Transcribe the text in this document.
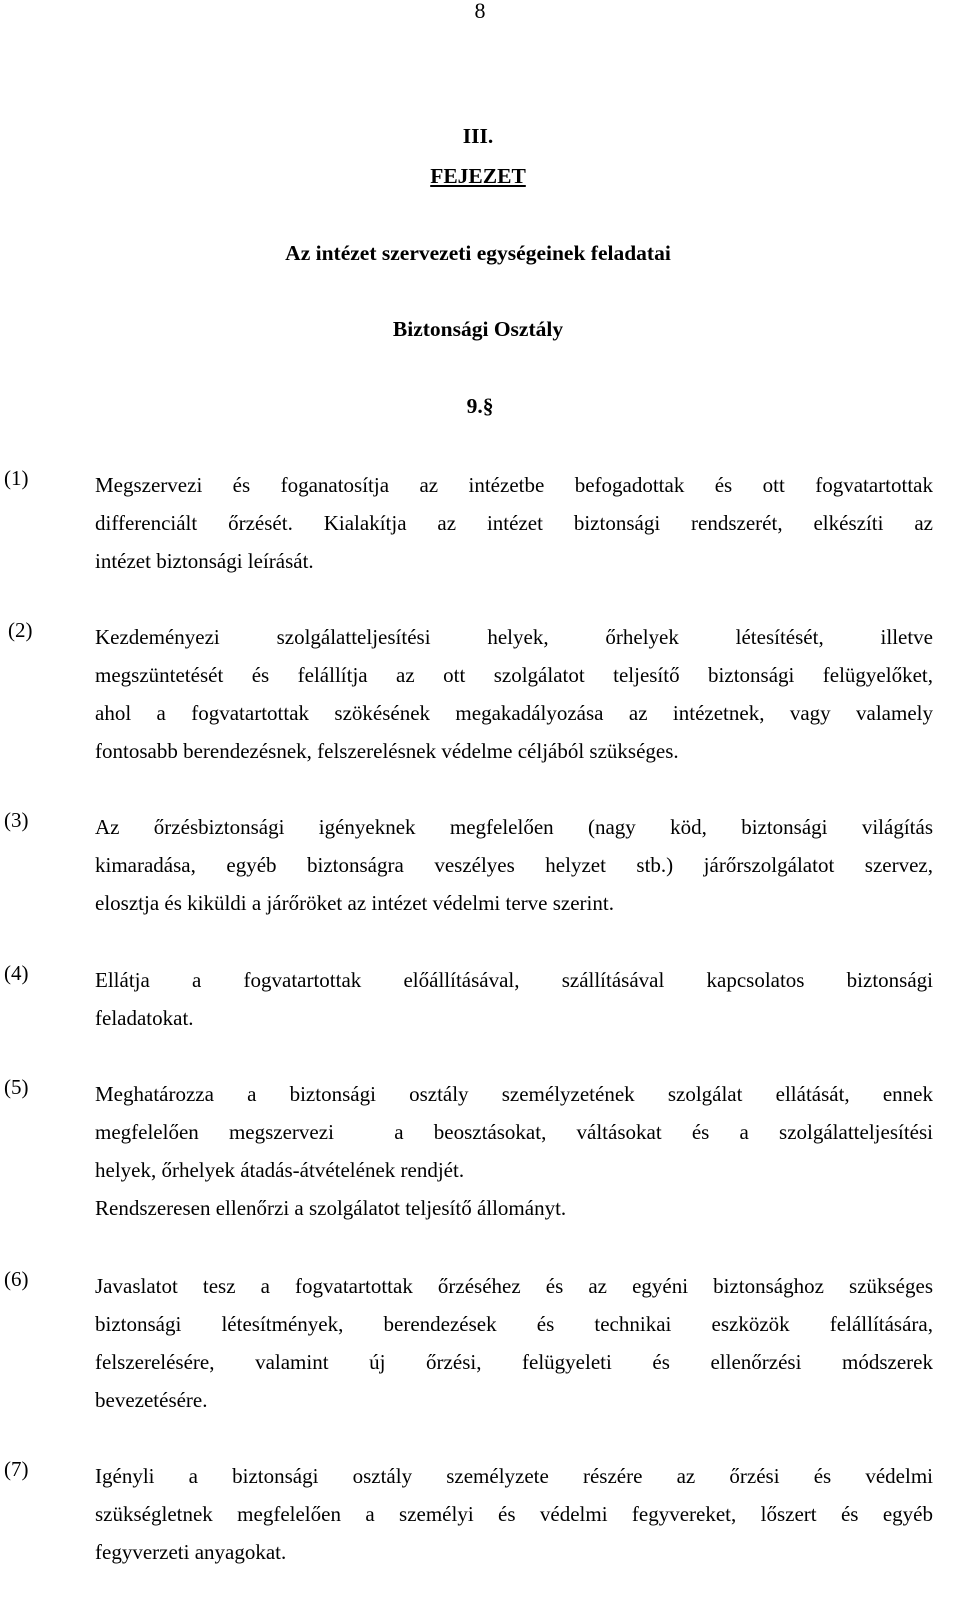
8
III.
FEJEZET
Az intézet szervezeti egységeinek feladatai
Biztonsági Osztály
9.§
(1)	Megszervezi és foganatosítja az intézetbe befogadottak és ott fogvatartottak
differenciált őrzését. Kialakítja az intézet biztonsági rendszerét, elkészíti az
intézet biztonsági leírását.
(2)	Kezdeményezi szolgálatteljesítési helyek, őrhelyek létesítését, illetve
megszüntetését és felállítja az ott szolgálatot teljesítő biztonsági felügyelőket,
ahol a fogvatartottak szökésének megakadályozása az intézetnek, vagy valamely
fontosabb berendezésnek, felszerelésnek védelme céljából szükséges.
(3)	Az őrzésbiztonsági igényeknek megfelelően (nagy köd, biztonsági világítás
kimaradása, egyéb biztonságra veszélyes helyzet stb.) járőrszolgálatot szervez,
elosztja és kiküldi a járőröket az intézet védelmi terve szerint.
(4)	Ellátja a fogvatartottak előállításával, szállításával kapcsolatos biztonsági
feladatokat.
(5)	Meghatározza a biztonsági osztály személyzetének szolgálat ellátását, ennek
megfelelően megszervezi  a beosztásokat, váltásokat és a szolgálatteljesítési
helyek, őrhelyek átadás-átvételének rendjét.
Rendszeresen ellenőrzi a szolgálatot teljesítő állományt.
(6)	Javaslatot tesz a fogvatartottak őrzéséhez és az egyéni biztonsághoz szükséges
biztonsági létesítmények, berendezések és technikai eszközök felállítására,
felszerelésére, valamint új őrzési, felügyeleti és ellenőrzési módszerek
bevezetésére.
(7)	Igényli a biztonsági osztály személyzete részére az őrzési és védelmi
szükségletnek megfelelően a személyi és védelmi fegyvereket, lőszert és egyéb
fegyverzeti anyagokat.
